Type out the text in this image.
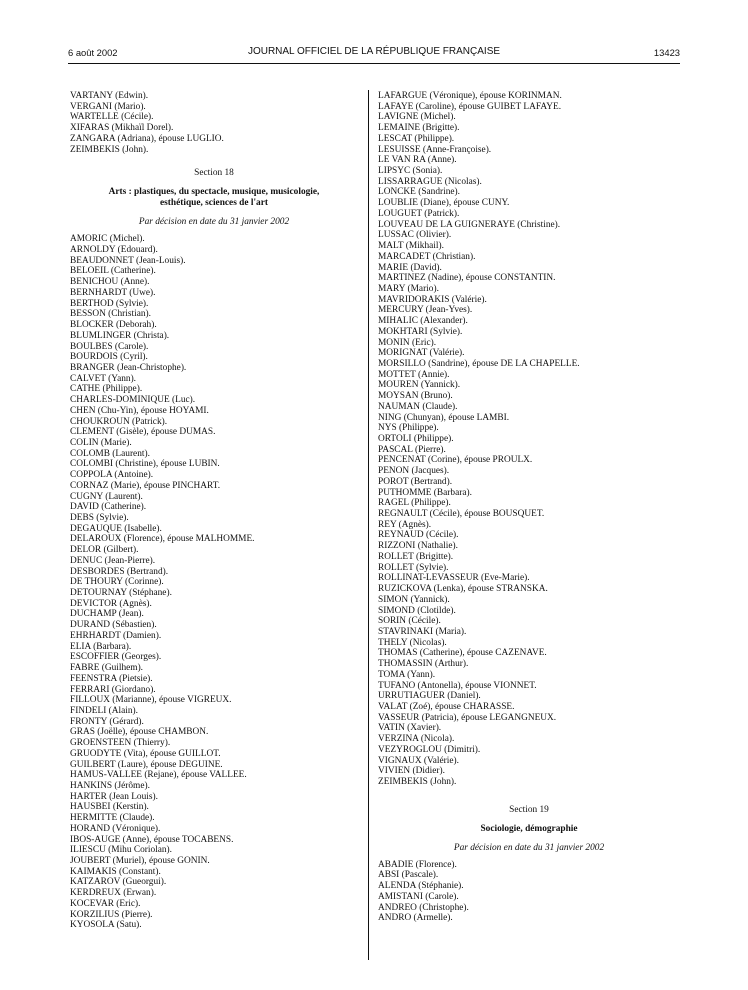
6 août 2002	JOURNAL OFFICIEL DE LA RÉPUBLIQUE FRANÇAISE	13423
VARTANY (Edwin).
VERGANI (Mario).
WARTELLE (Cécile).
XIFARAS (Mikhaïl Dorel).
ZANGARA (Adriana), épouse LUGLIO.
ZEIMBEKIS (John).
Section 18
Arts : plastiques, du spectacle, musique, musicologie,
esthétique, sciences de l'art
Par décision en date du 31 janvier 2002
AMORIC (Michel).
ARNOLDY (Edouard).
BEAUDONNET (Jean-Louis).
BELOEIL (Catherine).
BENICHOU (Anne).
BERNHARDT (Uwe).
BERTHOD (Sylvie).
BESSON (Christian).
BLOCKER (Deborah).
BLUMLINGER (Christa).
BOULBES (Carole).
BOURDOIS (Cyril).
BRANGER (Jean-Christophe).
CALVET (Yann).
CATHE (Philippe).
CHARLES-DOMINIQUE (Luc).
CHEN (Chu-Yin), épouse HOYAMI.
CHOUKROUN (Patrick).
CLEMENT (Gisèle), épouse DUMAS.
COLIN (Marie).
COLOMB (Laurent).
COLOMBI (Christine), épouse LUBIN.
COPPOLA (Antoine).
CORNAZ (Marie), épouse PINCHART.
CUGNY (Laurent).
DAVID (Catherine).
DEBS (Sylvie).
DEGAUQUE (Isabelle).
DELAROUX (Florence), épouse MALHOMME.
DELOR (Gilbert).
DENUC (Jean-Pierre).
DESBORDES (Bertrand).
DE THOURY (Corinne).
DETOURNAY (Stéphane).
DEVICTOR (Agnès).
DUCHAMP (Jean).
DURAND (Sébastien).
EHRHARDT (Damien).
ELIA (Barbara).
ESCOFFIER (Georges).
FABRE (Guilhem).
FEENSTRA (Pietsie).
FERRARI (Giordano).
FILLOUX (Marianne), épouse VIGREUX.
FINDELI (Alain).
FRONTY (Gérard).
GRAS (Joëlle), épouse CHAMBON.
GROENSTEEN (Thierry).
GRUODYTE (Vita), épouse GUILLOT.
GUILBERT (Laure), épouse DEGUINE.
HAMUS-VALLEE (Rejane), épouse VALLEE.
HANKINS (Jérôme).
HARTER (Jean Louis).
HAUSBEI (Kerstin).
HERMITTE (Claude).
HORAND (Véronique).
IBOS-AUGE (Anne), épouse TOCABENS.
ILIESCU (Mihu Coriolan).
JOUBERT (Muriel), épouse GONIN.
KAIMAKIS (Constant).
KATZAROV (Gueorgui).
KERDREUX (Erwan).
KOCEVAR (Eric).
KORZILIUS (Pierre).
KYOSOLA (Satu).
LAFARGUE (Véronique), épouse KORINMAN.
LAFAYE (Caroline), épouse GUIBET LAFAYE.
LAVIGNE (Michel).
LEMAINE (Brigitte).
LESCAT (Philippe).
LESUISSE (Anne-Françoise).
LE VAN RA (Anne).
LIPSYC (Sonia).
LISSARRAGUE (Nicolas).
LONCKE (Sandrine).
LOUBLIE (Diane), épouse CUNY.
LOUGUET (Patrick).
LOUVEAU DE LA GUIGNERAYE (Christine).
LUSSAC (Olivier).
MALT (Mikhail).
MARCADET (Christian).
MARIE (David).
MARTINEZ (Nadine), épouse CONSTANTIN.
MARY (Mario).
MAVRIDORAKIS (Valérie).
MERCURY (Jean-Yves).
MIHALIC (Alexander).
MOKHTARI (Sylvie).
MONIN (Eric).
MORIGNAT (Valérie).
MORSILLO (Sandrine), épouse DE LA CHAPELLE.
MOTTET (Annie).
MOUREN (Yannick).
MOYSAN (Bruno).
NAUMAN (Claude).
NING (Chunyan), épouse LAMBI.
NYS (Philippe).
ORTOLI (Philippe).
PASCAL (Pierre).
PENCENAT (Corine), épouse PROULX.
PENON (Jacques).
POROT (Bertrand).
PUTHOMME (Barbara).
RAGEL (Philippe).
REGNAULT (Cécile), épouse BOUSQUET.
REY (Agnès).
REYNAUD (Cécile).
RIZZONI (Nathalie).
ROLLET (Brigitte).
ROLLET (Sylvie).
ROLLINAT-LEVASSEUR (Eve-Marie).
RUZICKOVA (Lenka), épouse STRANSKA.
SIMON (Yannick).
SIMOND (Clotilde).
SORIN (Cécile).
STAVRINAKI (Maria).
THELY (Nicolas).
THOMAS (Catherine), épouse CAZENAVE.
THOMASSIN (Arthur).
TOMA (Yann).
TUFANO (Antonella), épouse VIONNET.
URRUTIAGUER (Daniel).
VALAT (Zoé), épouse CHARASSE.
VASSEUR (Patricia), épouse LEGANGNEUX.
VATIN (Xavier).
VERZINA (Nicola).
VEZYROGLOU (Dimitri).
VIGNAUX (Valérie).
VIVIEN (Didier).
ZEIMBEKIS (John).
Section 19
Sociologie, démographie
Par décision en date du 31 janvier 2002
ABADIE (Florence).
ABSI (Pascale).
ALENDA (Stéphanie).
AMISTANI (Carole).
ANDREO (Christophe).
ANDRO (Armelle).
